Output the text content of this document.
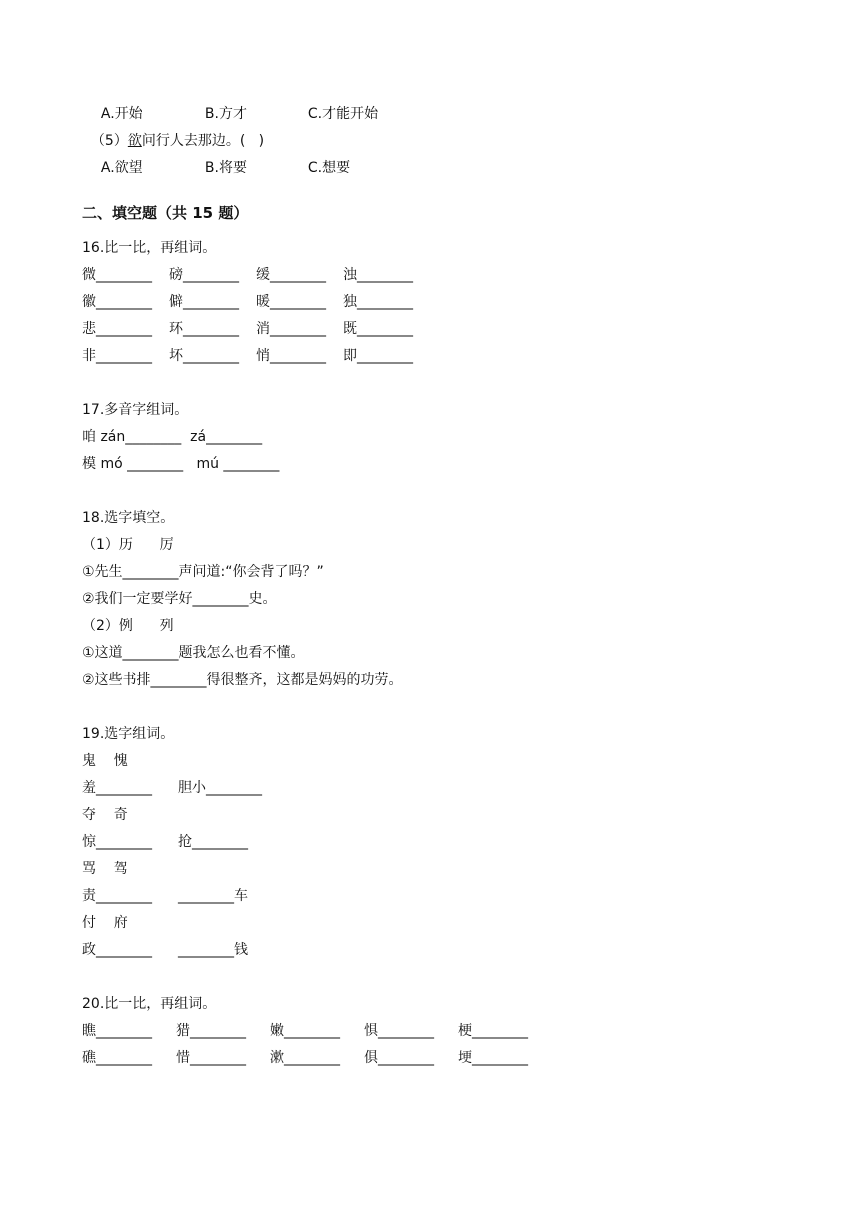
A.开始	B.方才	C.才能开始

（5）欲问行人去那边。(   )

A.欲望	B.将要	C.想要

二、填空题（共 15 题）
16.比一比，再组词。
微________ 磅________ 缓________ 浊________
徽________ 僻________ 暖________ 独________
悲________ 环________ 消________ 既________
非________ 坏________ 悄________ 即________
17.多音字组词。
咱 zán________  zá________
模 mó ________   mú ________
18.选字填空。
（1）历      厉
①先生________声问道:“你会背了吗？”
②我们一定要学好________史。
（2）例      列
①这道________题我怎么也看不懂。
②这些书排________得很整齐，这都是妈妈的功劳。
19.选字组词。
鬼    愧
羞________ 胆小________
夺    奇
惊________ 抢________
骂    驾
责________ ________车
付    府
政________ ________钱
20.比一比，再组词。
瞧________ 猎________ 嫩________ 惧________ 梗________
礁________ 惜________ 漱________ 俱________ 埂________
